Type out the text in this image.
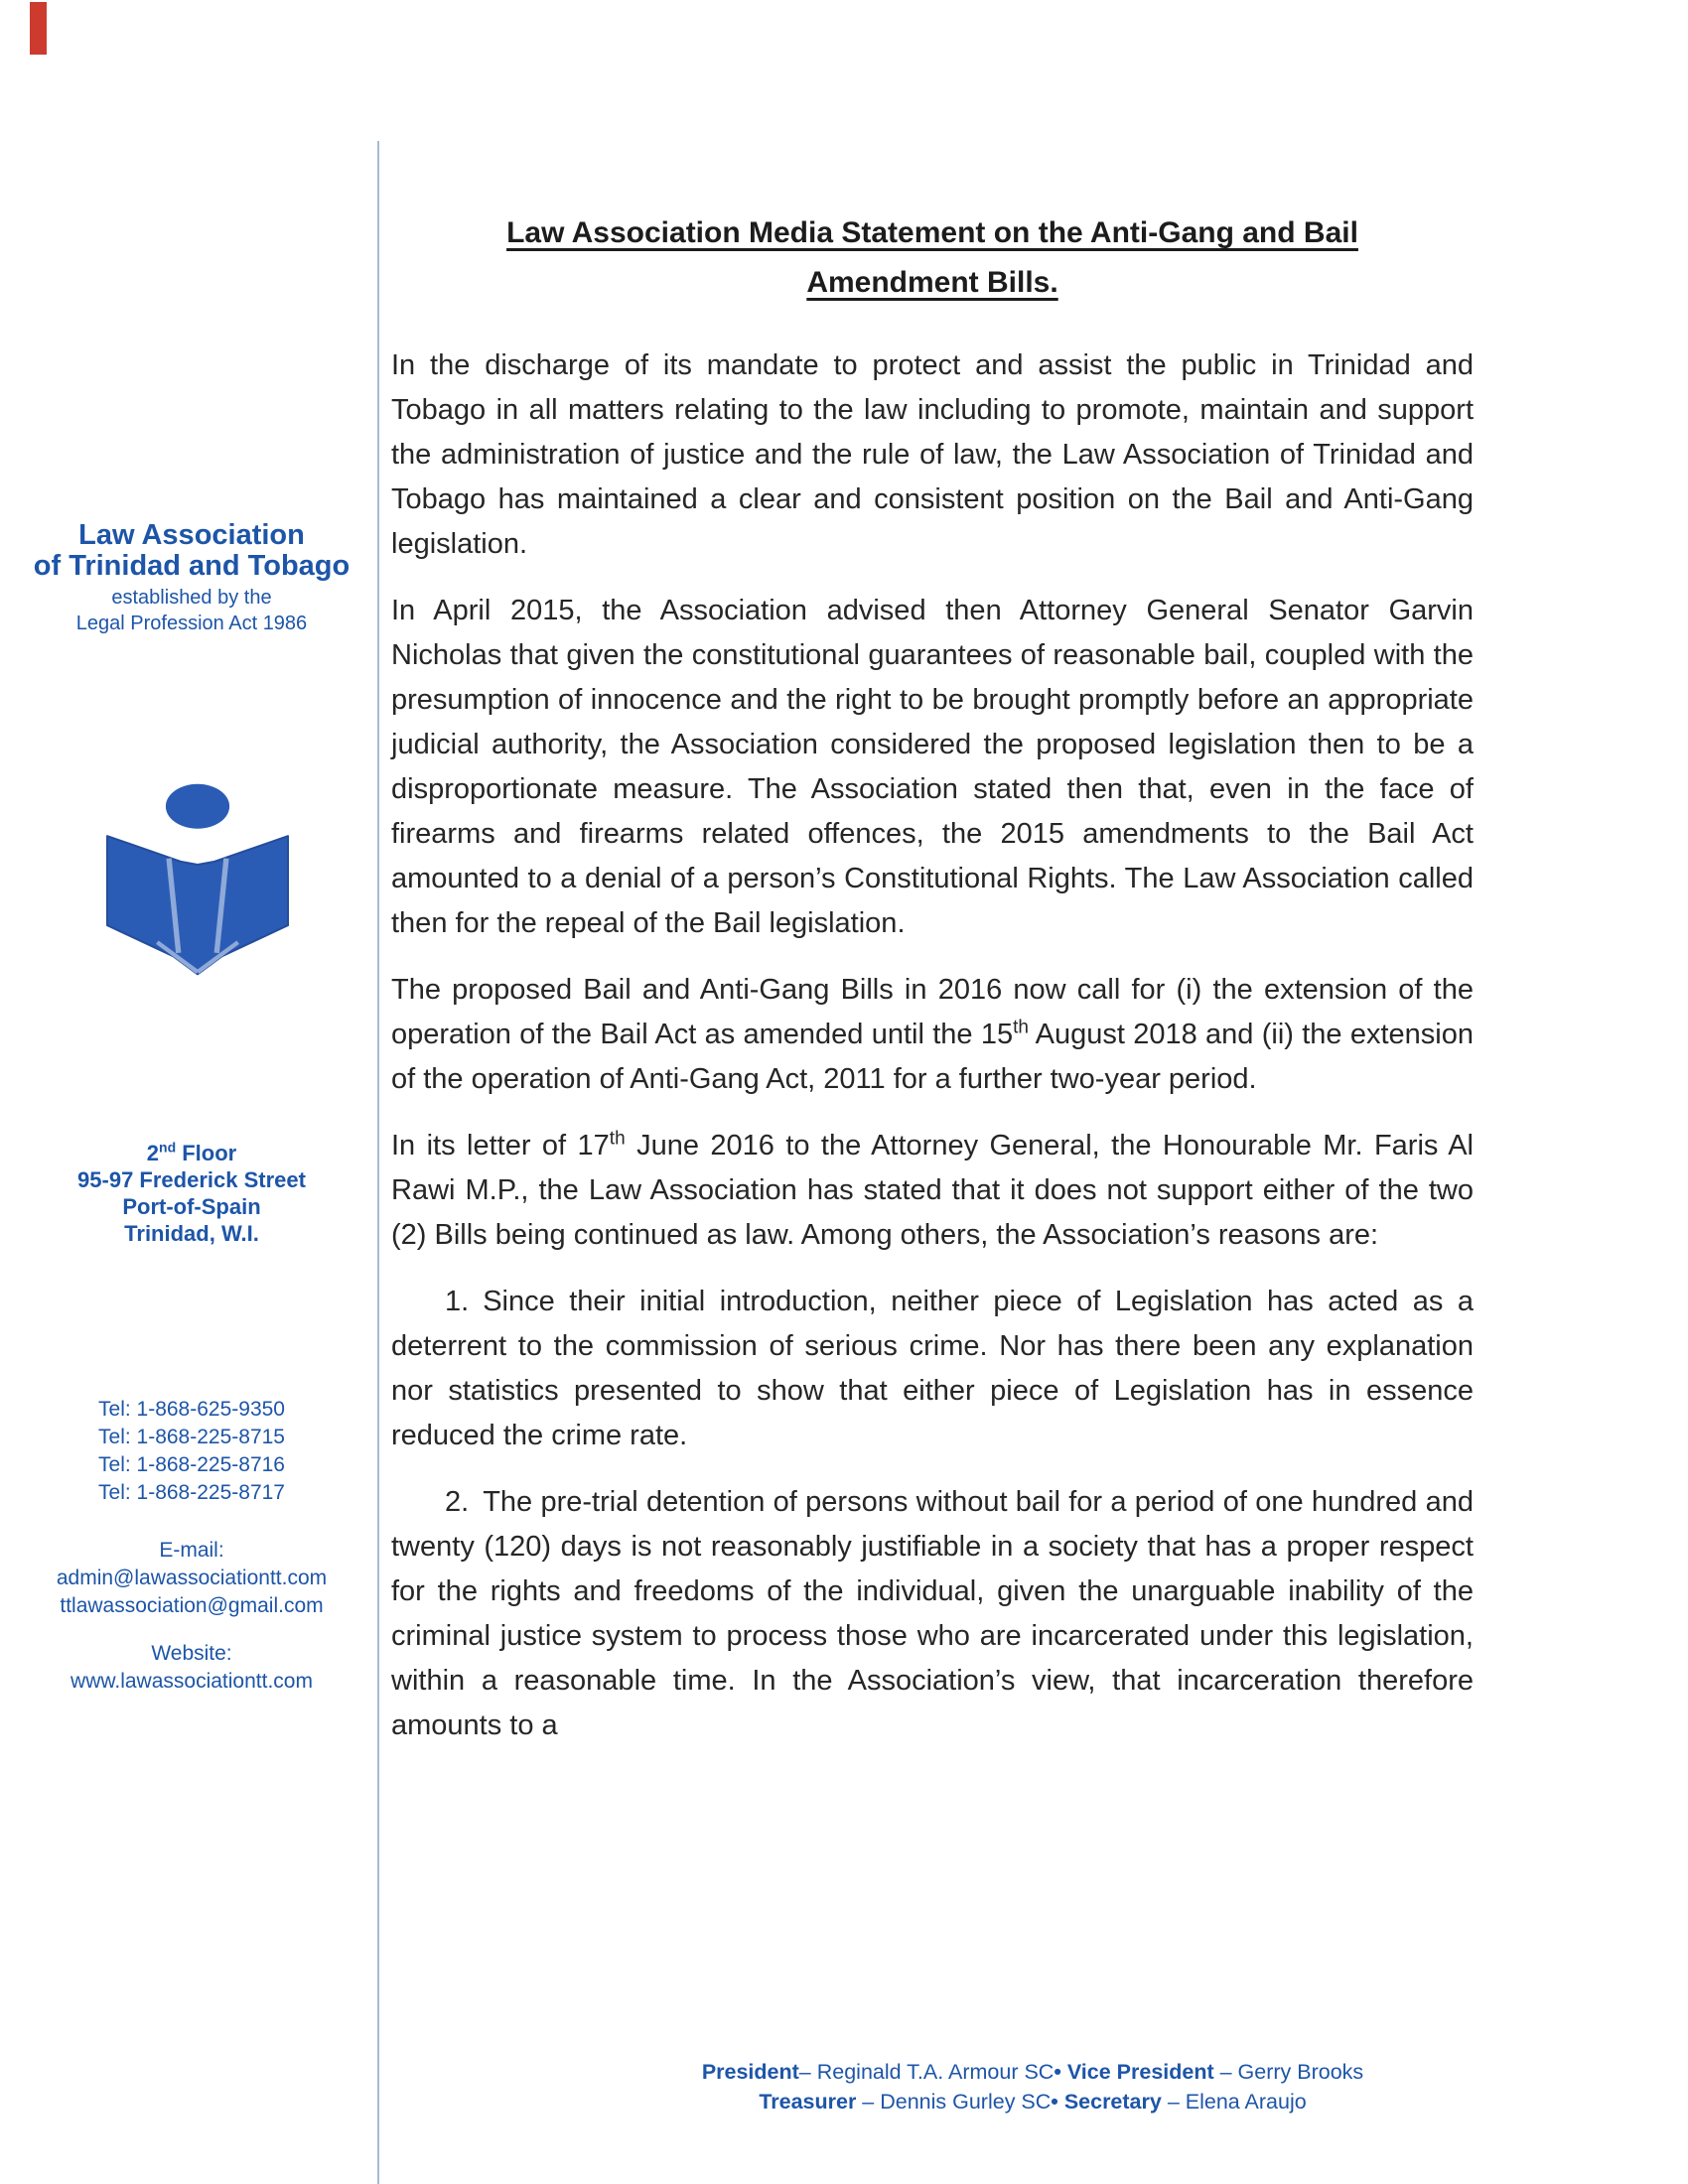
Law Association
of Trinidad and Tobago
established by the
Legal Profession Act 1986
2nd Floor
95-97 Frederick Street
Port-of-Spain
Trinidad, W.I.
Tel: 1-868-625-9350
Tel: 1-868-225-8715
Tel: 1-868-225-8716
Tel: 1-868-225-8717
E-mail:
admin@lawassociationtt.com
ttlawassociation@gmail.com
Website:
www.lawassociationtt.com
Law Association Media Statement on the Anti-Gang and Bail
Amendment Bills.

In the discharge of its mandate to protect and assist the public in Trinidad and Tobago in all matters relating to the law including to promote, maintain and support the administration of justice and the rule of law, the Law Association of Trinidad and Tobago has maintained a clear and consistent position on the Bail and Anti-Gang legislation.

In April 2015, the Association advised then Attorney General Senator Garvin Nicholas that given the constitutional guarantees of reasonable bail, coupled with the presumption of innocence and the right to be brought promptly before an appropriate judicial authority, the Association considered the proposed legislation then to be a disproportionate measure. The Association stated then that, even in the face of firearms and firearms related offences, the 2015 amendments to the Bail Act amounted to a denial of a person’s Constitutional Rights. The Law Association called then for the repeal of the Bail legislation.

The proposed Bail and Anti-Gang Bills in 2016 now call for (i) the extension of the operation of the Bail Act as amended until the 15th August 2018 and (ii) the extension of the operation of Anti-Gang Act, 2011 for a further two-year period.

In its letter of 17th June 2016 to the Attorney General, the Honourable Mr. Faris Al Rawi M.P., the Law Association has stated that it does not support either of the two (2) Bills being continued as law. Among others, the Association’s reasons are:

1. Since their initial introduction, neither piece of Legislation has acted as a deterrent to the commission of serious crime. Nor has there been any explanation nor statistics presented to show that either piece of Legislation has in essence reduced the crime rate.

2. The pre-trial detention of persons without bail for a period of one hundred and twenty (120) days is not reasonably justifiable in a society that has a proper respect for the rights and freedoms of the individual, given the unarguable inability of the criminal justice system to process those who are incarcerated under this legislation, within a reasonable time. In the Association’s view, that incarceration therefore amounts to a

President– Reginald T.A. Armour SC• Vice President – Gerry Brooks
Treasurer – Dennis Gurley SC• Secretary – Elena Araujo
